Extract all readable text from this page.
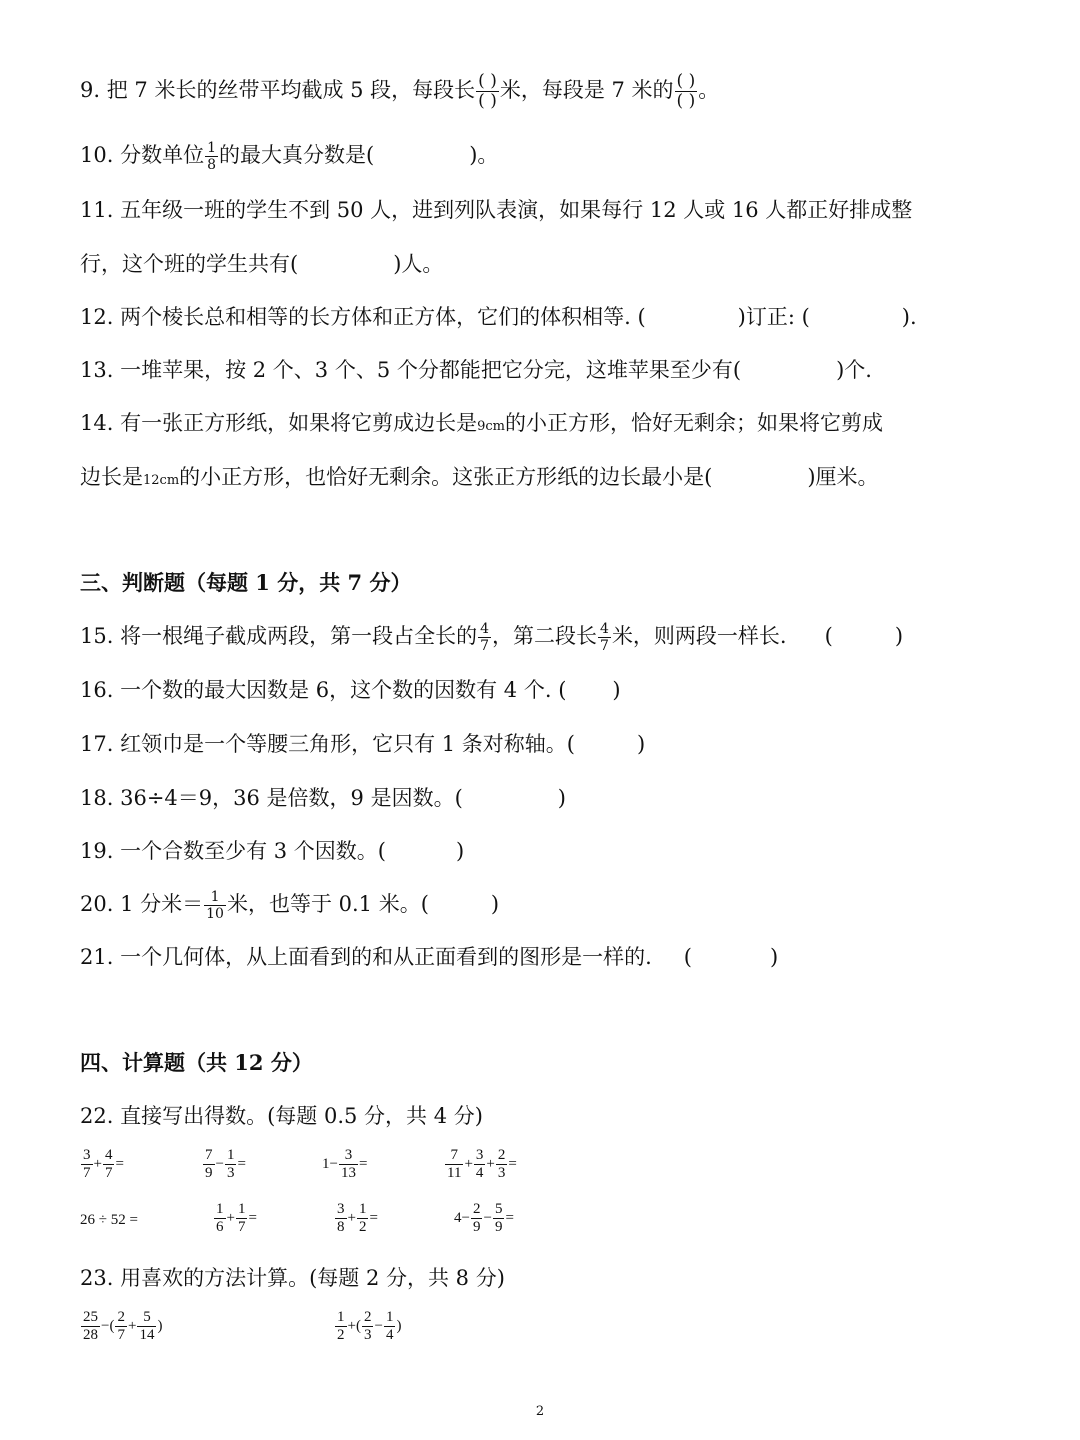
9. 把 7 米长的丝带平均截成 5 段，每段长 $\frac{( )}{( )}$ 米，每段是 7 米的 $\frac{( )}{( )}$ 。
10. 分数单位 $\frac{1}{8}$ 的最大真分数是(	)。
11. 五年级一班的学生不到 50 人，进到列队表演，如果每行 12 人或 16 人都正好排成整
行，这个班的学生共有(	)人。
12. 两个棱长总和相等的长方体和正方体，它们的体积相等. (	)订正: (	).
13. 一堆苹果，按 2 个、3 个、5 个分都能把它分完，这堆苹果至少有(	)个.
14. 有一张正方形纸，如果将它剪成边长是9cm的小正方形，恰好无剩余；如果将它剪成
边长是12cm的小正方形，也恰好无剩余。这张正方形纸的边长最小是(	)厘米。
三、判断题（每题 1 分，共 7 分）
15. 将一根绳子截成两段，第一段占全长的 $\frac{4}{7}$ ，第二段长 $\frac{4}{7}$ 米，则两段一样长. (	)
16. 一个数的最大因数是 6，这个数的因数有 4 个. ( )
17. 红领巾是一个等腰三角形，它只有 1 条对称轴。(	)
18. 36÷4＝9，36 是倍数，9 是因数。(	)
19. 一个合数至少有 3 个因数。(	)
20. 1 分米＝ $\frac{1}{10}$ 米，也等于 0.1 米。(	)
21. 一个几何体，从上面看到的和从正面看到的图形是一样的. (	)
四、计算题（共 12 分）
22. 直接写出得数。(每题 0.5 分，共 4 分)
$\frac{3}{7} + \frac{4}{7}$ =	$\frac{7}{9} - \frac{1}{3}$ =	$1- \frac{3}{13}$ =	$\frac{7}{11} + \frac{3}{4} + \frac{2}{3}$ =
26 ÷ 52 =	$\frac{1}{6} + \frac{1}{7}$ =	$\frac{3}{8} + \frac{1}{2}$ =	$4- \frac{2}{9} - \frac{5}{9}$ =
23. 用喜欢的方法计算。(每题 2 分，共 8 分)
$\frac{25}{28}$ −( $\frac{2}{7} + \frac{5}{14}$ )	$\frac{1}{2}$ +( $\frac{2}{3} - \frac{1}{4}$ )
2
